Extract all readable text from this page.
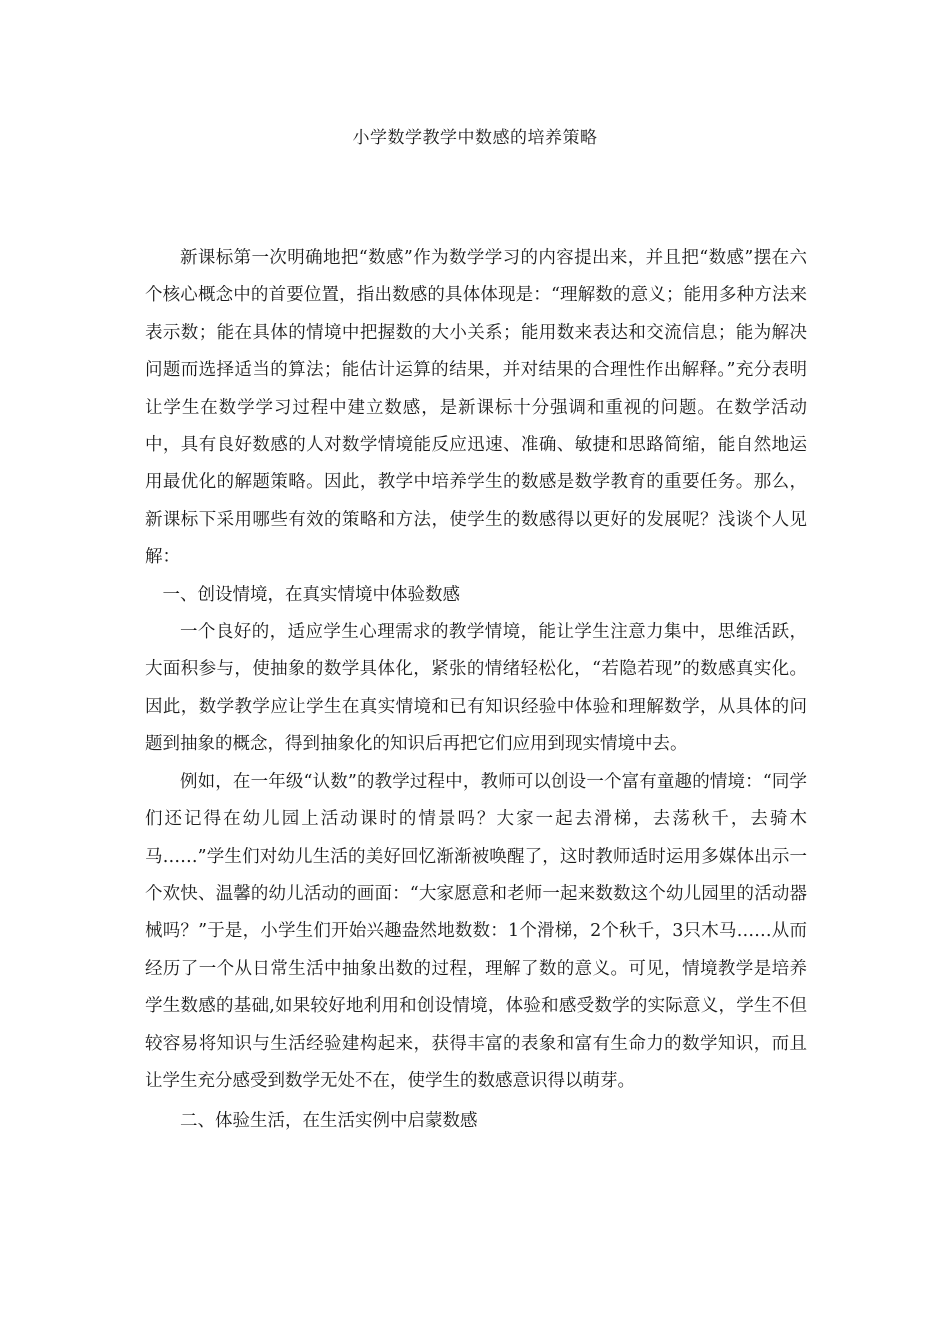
小学数学教学中数感的培养策略

新课标第一次明确地把“数感”作为数学学习的内容提出来，并且把“数感”摆在六个核心概念中的首要位置，指出数感的具体体现是：“理解数的意义；能用多种方法来表示数；能在具体的情境中把握数的大小关系；能用数来表达和交流信息；能为解决问题而选择适当的算法；能估计运算的结果，并对结果的合理性作出解释。”充分表明让学生在数学学习过程中建立数感，是新课标十分强调和重视的问题。在数学活动中，具有良好数感的人对数学情境能反应迅速、准确、敏捷和思路简缩，能自然地运用最优化的解题策略。因此，教学中培养学生的数感是数学教育的重要任务。那么，新课标下采用哪些有效的策略和方法，使学生的数感得以更好的发展呢？浅谈个人见解：

一、创设情境，在真实情境中体验数感

一个良好的，适应学生心理需求的教学情境，能让学生注意力集中，思维活跃，大面积参与，使抽象的数学具体化，紧张的情绪轻松化，“若隐若现”的数感真实化。因此，数学教学应让学生在真实情境和已有知识经验中体验和理解数学，从具体的问题到抽象的概念，得到抽象化的知识后再把它们应用到现实情境中去。

例如，在一年级“认数”的教学过程中，教师可以创设一个富有童趣的情境：“同学们还记得在幼儿园上活动课时的情景吗？大家一起去滑梯，去荡秋千，去骑木马……”学生们对幼儿生活的美好回忆渐渐被唤醒了，这时教师适时运用多媒体出示一个欢快、温馨的幼儿活动的画面：“大家愿意和老师一起来数数这个幼儿园里的活动器械吗？”于是，小学生们开始兴趣盎然地数数：1个滑梯，2个秋千，3只木马……从而经历了一个从日常生活中抽象出数的过程，理解了数的意义。可见，情境教学是培养学生数感的基础,如果较好地利用和创设情境，体验和感受数学的实际意义，学生不但较容易将知识与生活经验建构起来，获得丰富的表象和富有生命力的数学知识，而且让学生充分感受到数学无处不在，使学生的数感意识得以萌芽。

二、体验生活，在生活实例中启蒙数感
